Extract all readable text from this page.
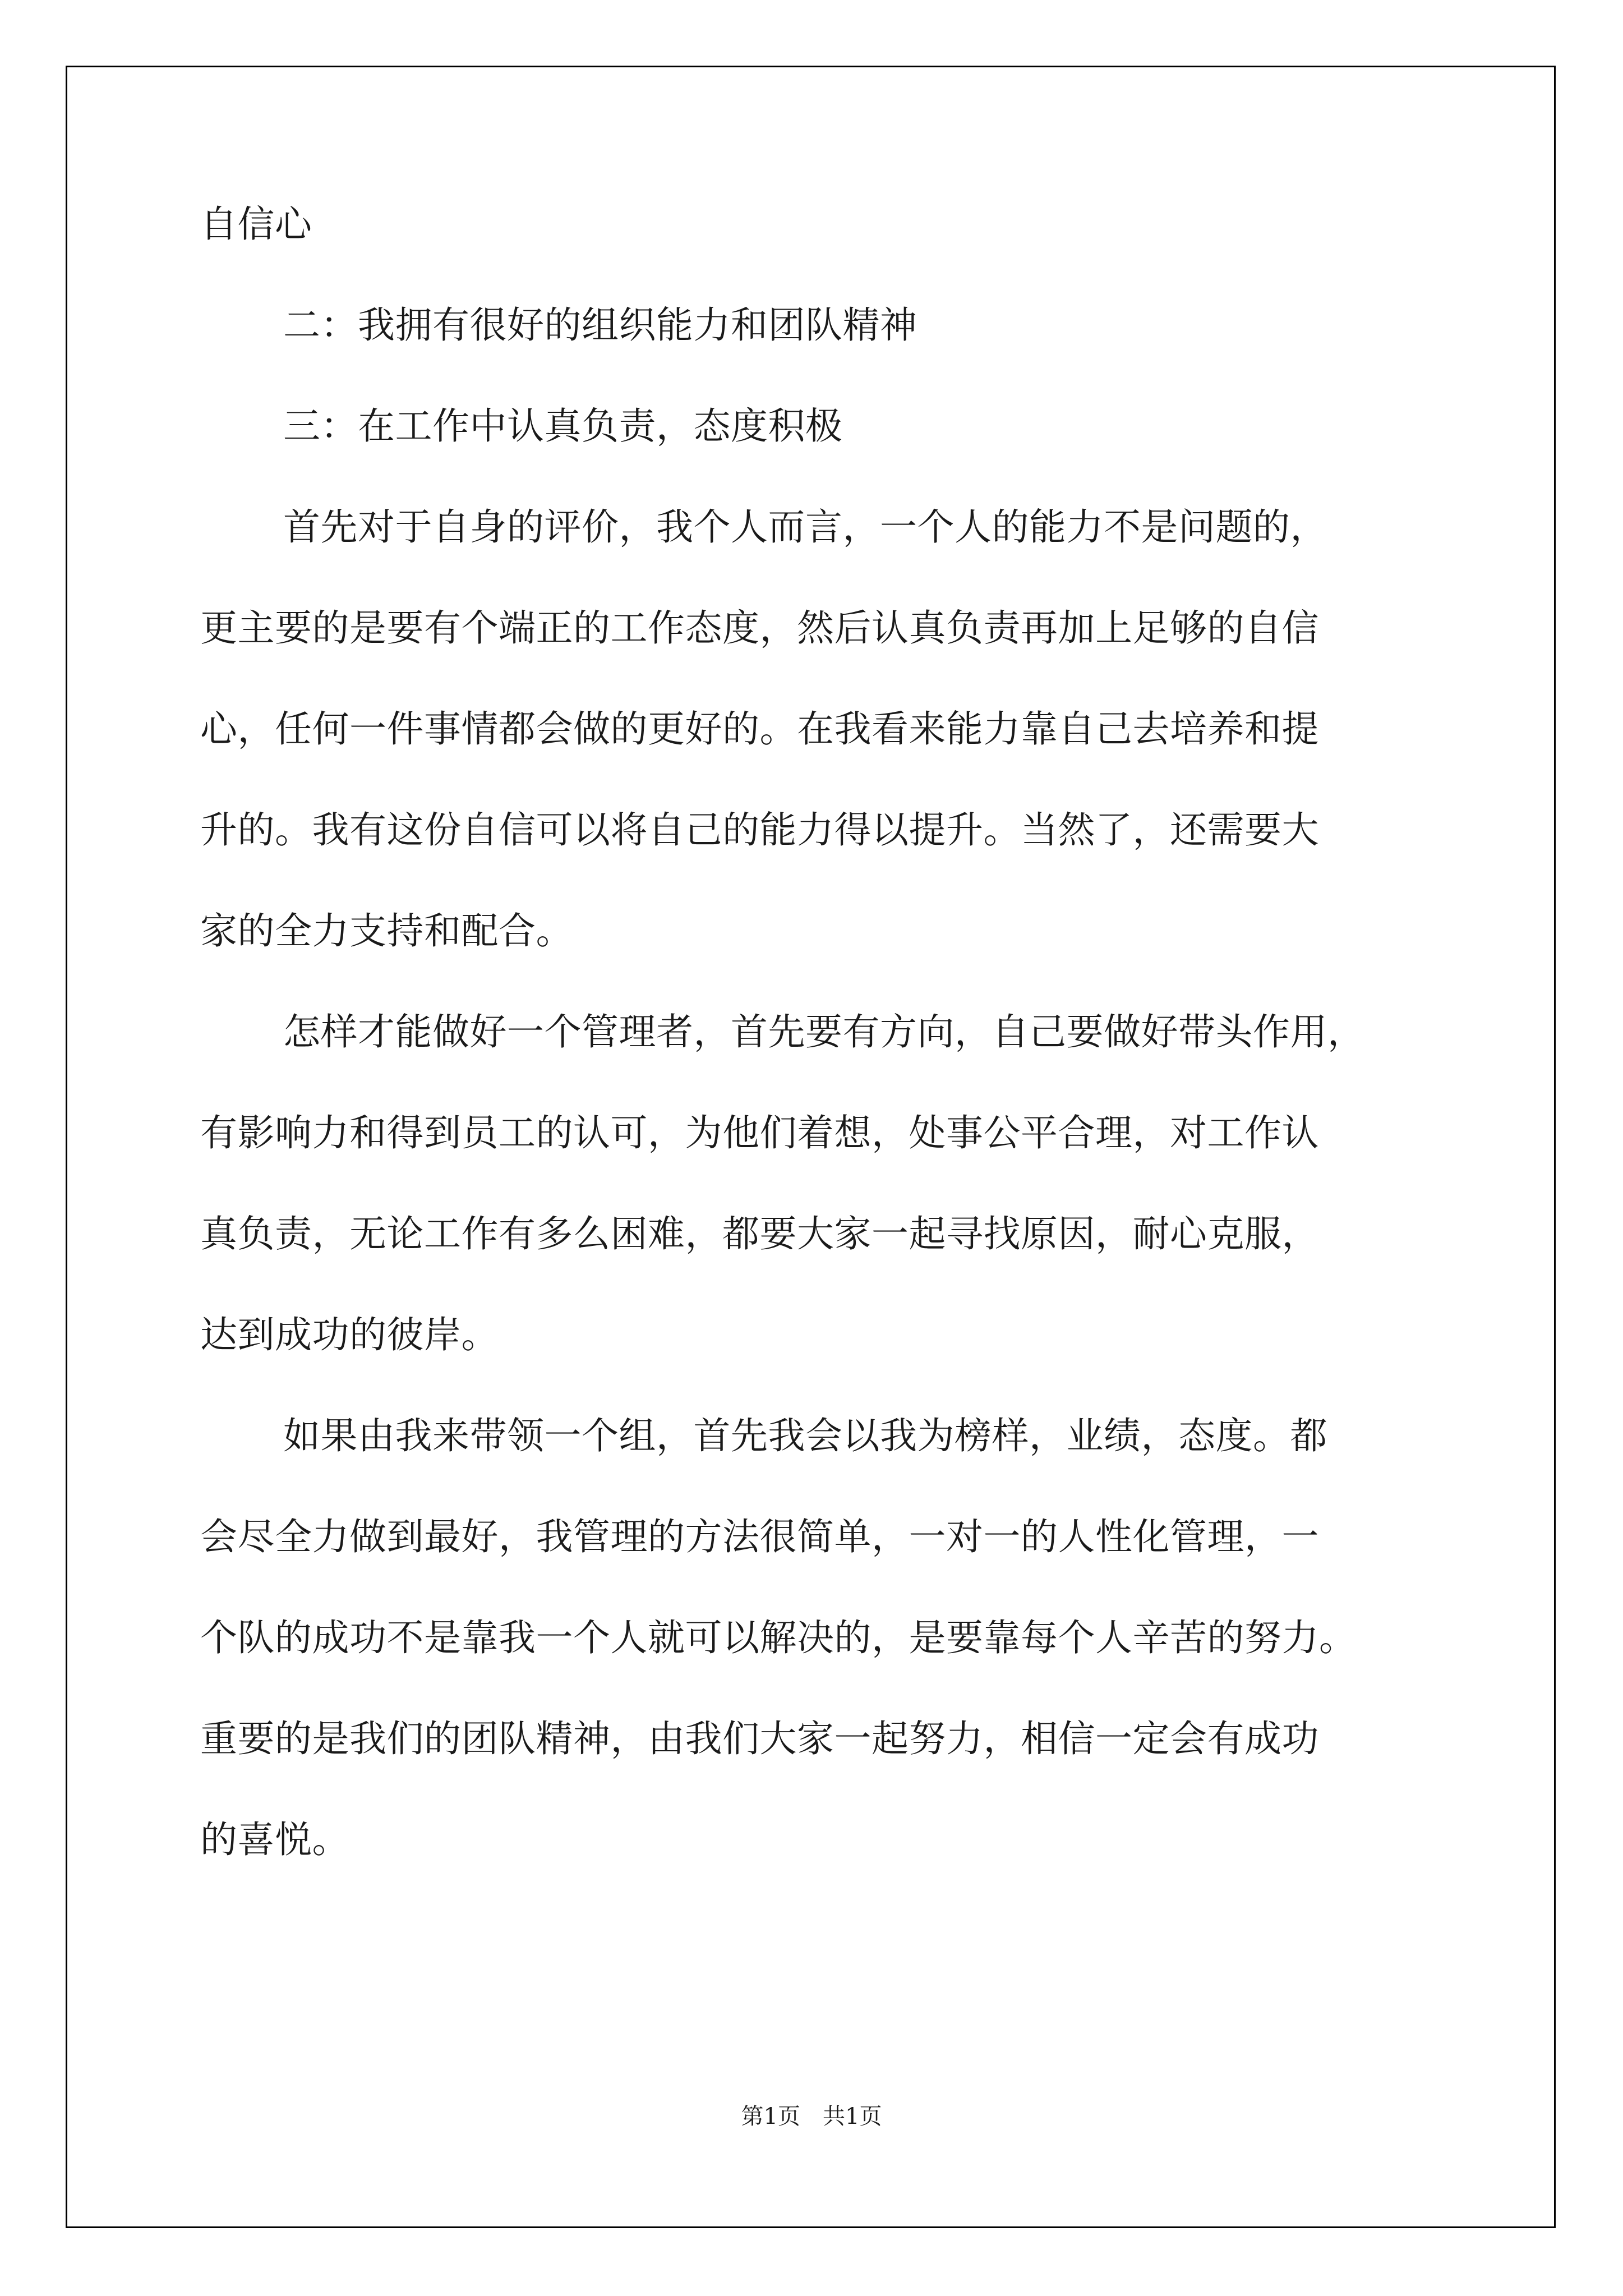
自信心
二：我拥有很好的组织能力和团队精神
三：在工作中认真负责，态度积极
首先对于自身的评价，我个人而言，一个人的能力不是问题的，
更主要的是要有个端正的工作态度，然后认真负责再加上足够的自信
心，任何一件事情都会做的更好的。在我看来能力靠自己去培养和提
升的。我有这份自信可以将自己的能力得以提升。当然了，还需要大
家的全力支持和配合。
怎样才能做好一个管理者，首先要有方向，自己要做好带头作用，
有影响力和得到员工的认可，为他们着想，处事公平合理，对工作认
真负责，无论工作有多么困难，都要大家一起寻找原因，耐心克服，
达到成功的彼岸。
如果由我来带领一个组，首先我会以我为榜样，业绩，态度。都
会尽全力做到最好，我管理的方法很简单，一对一的人性化管理，一
个队的成功不是靠我一个人就可以解决的，是要靠每个人辛苦的努力。
重要的是我们的团队精神，由我们大家一起努力，相信一定会有成功
的喜悦。
第1页 共1页
